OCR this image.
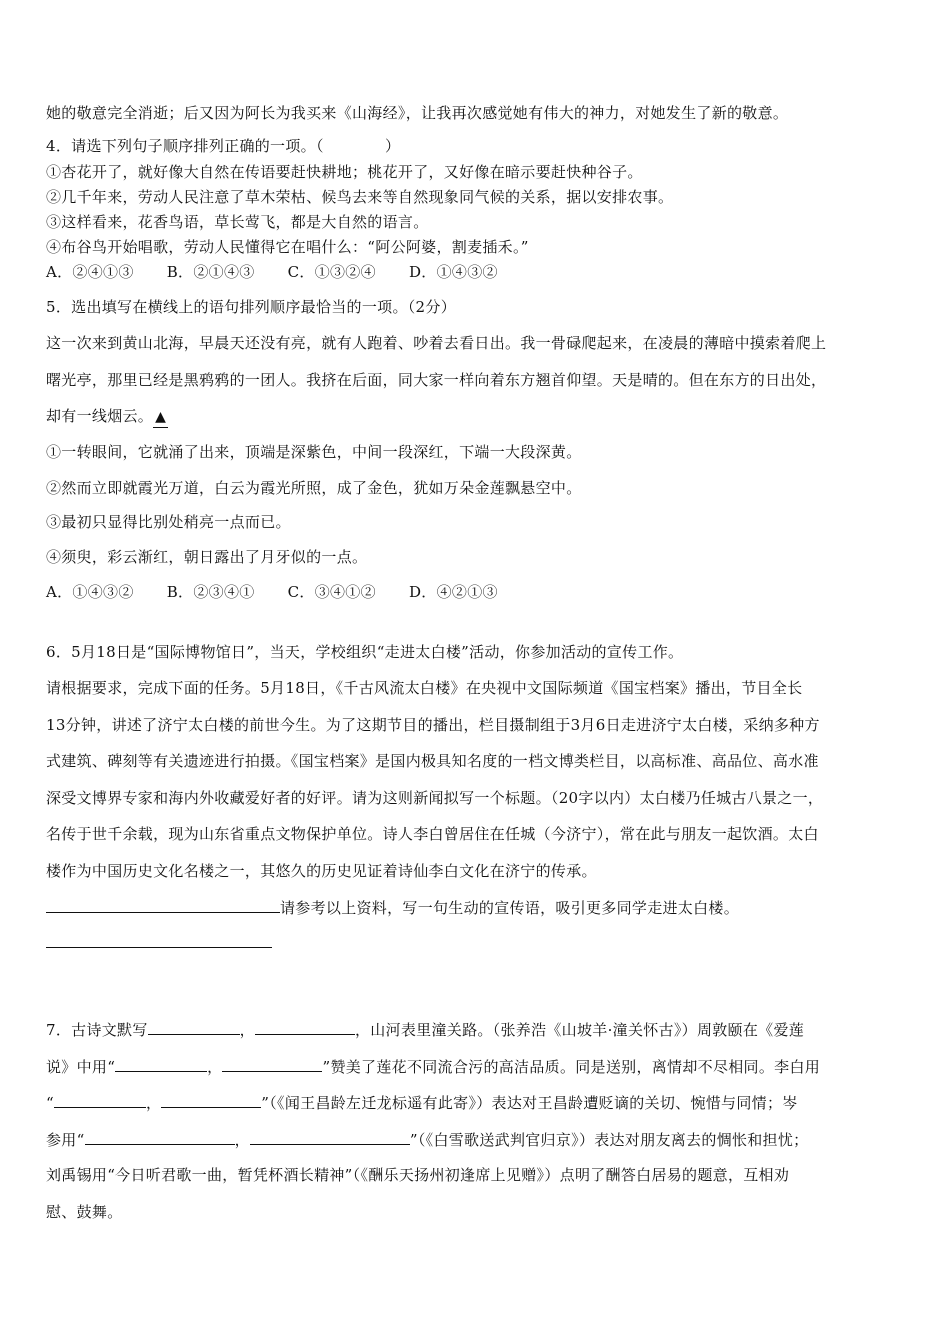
她的敬意完全消逝；后又因为阿长为我买来《山海经》，让我再次感觉她有伟大的神力，对她发生了新的敬意。
4．请选下列句子顺序排列正确的一项。（　　　　）
①杏花开了，就好像大自然在传语要赶快耕地；桃花开了，又好像在暗示要赶快种谷子。
②几千年来，劳动人民注意了草木荣枯、候鸟去来等自然现象同气候的关系，据以安排农事。
③这样看来，花香鸟语，草长莺飞，都是大自然的语言。
④布谷鸟开始唱歌，劳动人民懂得它在唱什么：“阿公阿婆，割麦插禾。”
A．②④①③ B．②①④③ C．①③②④ D．①④③②
5．选出填写在横线上的语句排列顺序最恰当的一项。（2分）
这一次来到黄山北海，早晨天还没有亮，就有人跑着、吵着去看日出。我一骨碌爬起来，在凌晨的薄暗中摸索着爬上
曙光亭，那里已经是黑鸦鸦的一团人。我挤在后面，同大家一样向着东方翘首仰望。天是晴的。但在东方的日出处，
却有一线烟云。 ▲
①一转眼间，它就涌了出来，顶端是深紫色，中间一段深红，下端一大段深黄。
②然而立即就霞光万道，白云为霞光所照，成了金色，犹如万朵金莲飘悬空中。
③最初只显得比别处稍亮一点而已。
④须臾，彩云渐红，朝日露出了月牙似的一点。
A．①④③② B．②③④① C．③④①② D．④②①③
6．5月18日是“国际博物馆日”，当天，学校组织“走进太白楼”活动，你参加活动的宣传工作。
请根据要求，完成下面的任务。5月18日，《千古风流太白楼》在央视中文国际频道《国宝档案》播出，节目全长
13分钟，讲述了济宁太白楼的前世今生。为了这期节目的播出，栏目摄制组于3月6日走进济宁太白楼，采纳多种方
式建筑、碑刻等有关遗迹进行拍摄。《国宝档案》是国内极具知名度的一档文博类栏目，以高标准、高品位、高水准
深受文博界专家和海内外收藏爱好者的好评。请为这则新闻拟写一个标题。（20字以内）太白楼乃任城古八景之一，
名传于世千余载，现为山东省重点文物保护单位。诗人李白曾居住在任城（今济宁），常在此与朋友一起饮酒。太白
楼作为中国历史文化名楼之一，其悠久的历史见证着诗仙李白文化在济宁的传承。
请参考以上资料，写一句生动的宣传语，吸引更多同学走进太白楼。
7．古诗文默写	，	，山河表里潼关路。（张养浩《山坡羊·潼关怀古》）周敦颐在《爱莲
说》中用“	，	”赞美了莲花不同流合污的高洁品质。同是送别，离情却不尽相同。李白用
“	，	”（《闻王昌龄左迁龙标遥有此寄》）表达对王昌龄遭贬谪的关切、惋惜与同情；岑
参用“	，	”（《白雪歌送武判官归京》）表达对朋友离去的惆怅和担忧；
刘禹锡用“今日听君歌一曲，暂凭杯酒长精神”（《酬乐天扬州初逢席上见赠》）点明了酬答白居易的题意，互相劝
慰、鼓舞。
